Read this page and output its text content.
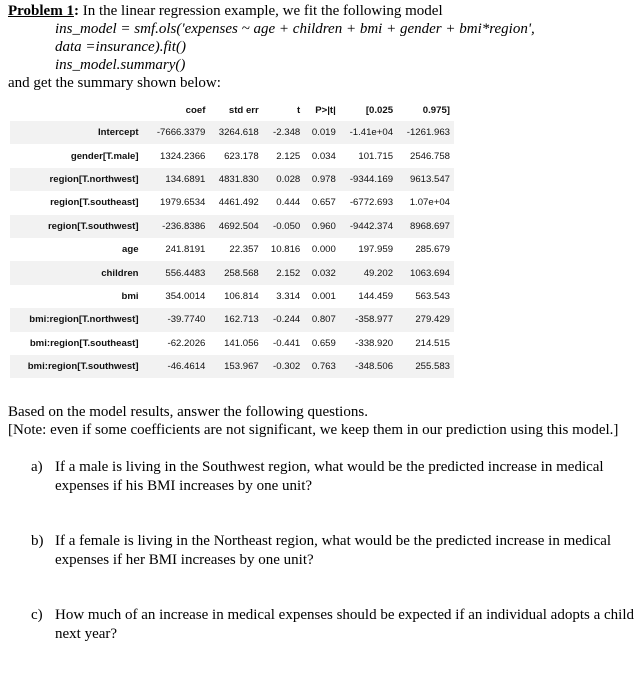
Problem 1: In the linear regression example, we fit the following model
ins_model = smf.ols('expenses ~ age + children + bmi + gender + bmi*region',
data =insurance).fit()
ins_model.summary()
and get the summary shown below:
	coef	std err	t	P>|t|	[0.025	0.975]
Intercept	-7666.3379	3264.618	-2.348	0.019	-1.41e+04	-1261.963
gender[T.male]	1324.2366	623.178	2.125	0.034	101.715	2546.758
region[T.northwest]	134.6891	4831.830	0.028	0.978	-9344.169	9613.547
region[T.southeast]	1979.6534	4461.492	0.444	0.657	-6772.693	1.07e+04
region[T.southwest]	-236.8386	4692.504	-0.050	0.960	-9442.374	8968.697
age	241.8191	22.357	10.816	0.000	197.959	285.679
children	556.4483	258.568	2.152	0.032	49.202	1063.694
bmi	354.0014	106.814	3.314	0.001	144.459	563.543
bmi:region[T.northwest]	-39.7740	162.713	-0.244	0.807	-358.977	279.429
bmi:region[T.southeast]	-62.2026	141.056	-0.441	0.659	-338.920	214.515
bmi:region[T.southwest]	-46.4614	153.967	-0.302	0.763	-348.506	255.583
Based on the model results, answer the following questions.
[Note: even if some coefficients are not significant, we keep them in our prediction using this model.]
a) If a male is living in the Southwest region, what would be the predicted increase in medical expenses if his BMI increases by one unit?
b) If a female is living in the Northeast region, what would be the predicted increase in medical expenses if her BMI increases by one unit?
c) How much of an increase in medical expenses should be expected if an individual adopts a child next year?
